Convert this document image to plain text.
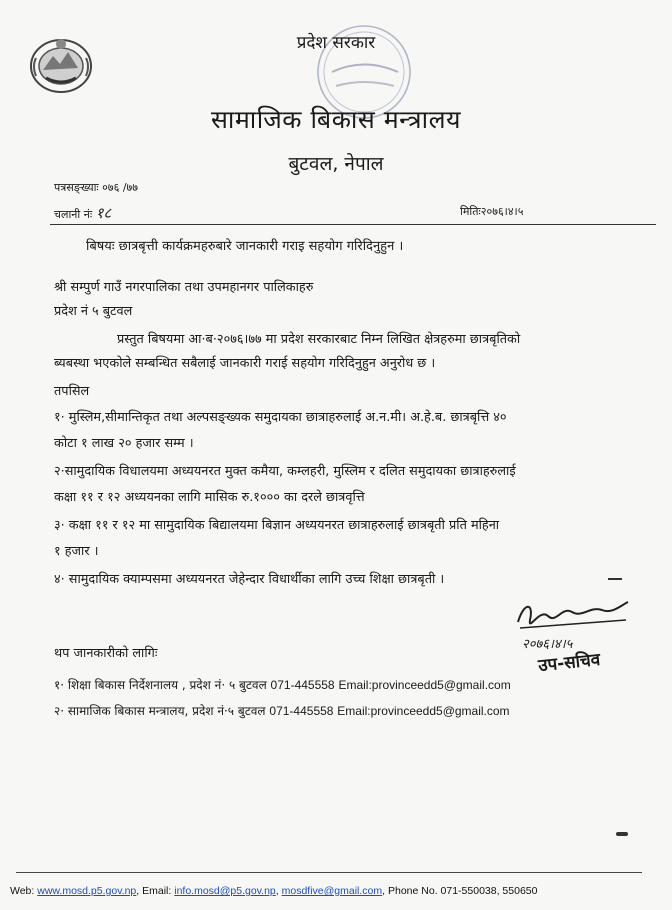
प्रदेश सरकार
सामाजिक बिकास मन्त्रालय
बुटवल, नेपाल
पत्रसङ्ख्याः ०७६ /७७
चलानी नंः १८	मितिः२०७६।४।५
बिषयः छात्रबृत्ती कार्यक्रमहरुबारे जानकारी गराइ सहयोग गरिदिनुहुन ।
श्री सम्पुर्ण गाउँ नगरपालिका तथा उपमहानगर पालिकाहरु
प्रदेश नं ५ बुटवल
प्रस्तुत बिषयमा आ·ब·२०७६।७७ मा प्रदेश सरकारबाट निम्न लिखित क्षेत्रहरुमा छात्रबृतिको
ब्यबस्था भएकोले सम्बन्धित सबैलाई जानकारी गराई सहयोग गरिदिनुहुन अनुरोध छ ।
तपसिल
१· मुस्लिम,सीमान्तिकृत तथा अल्पसङ्ख्यक समुदायका छात्राहरुलाई अ.न.मी। अ.हे.ब. छात्रबृत्ति ४०
कोटा १ लाख २० हजार सम्म ।
२·सामुदायिक विधालयमा अध्ययनरत मुक्त कमैया, कम्लहरी, मुस्लिम र दलित समुदायका छात्राहरुलाई
कक्षा ११ र १२ अध्ययनका लागि मासिक रु.१००० का दरले छात्रवृत्ति
३· कक्षा ११ र १२ मा सामुदायिक बिद्यालयमा बिज्ञान अध्ययनरत छात्राहरुलाई छात्रबृती प्रति महिना
१ हजार ।
४· सामुदायिक क्याम्पसमा अध्ययनरत जेहेन्दार विधार्थीका लागि उच्च शिक्षा छात्रबृती ।
२०७६।४।५
उप-सचिव
थप जानकारीको लागिः
१· शिक्षा बिकास निर्देशनालय , प्रदेश नं· ५ बुटवल 071-445558 Email:provinceedd5@gmail.com
२· सामाजिक बिकास मन्त्रालय, प्रदेश नं·५ बुटवल 071-445558 Email:provinceedd5@gmail.com
Web: www.mosd.p5.gov.np, Email: info.mosd@p5.gov.np, mosdfive@gmail.com, Phone No. 071-550038, 550650
